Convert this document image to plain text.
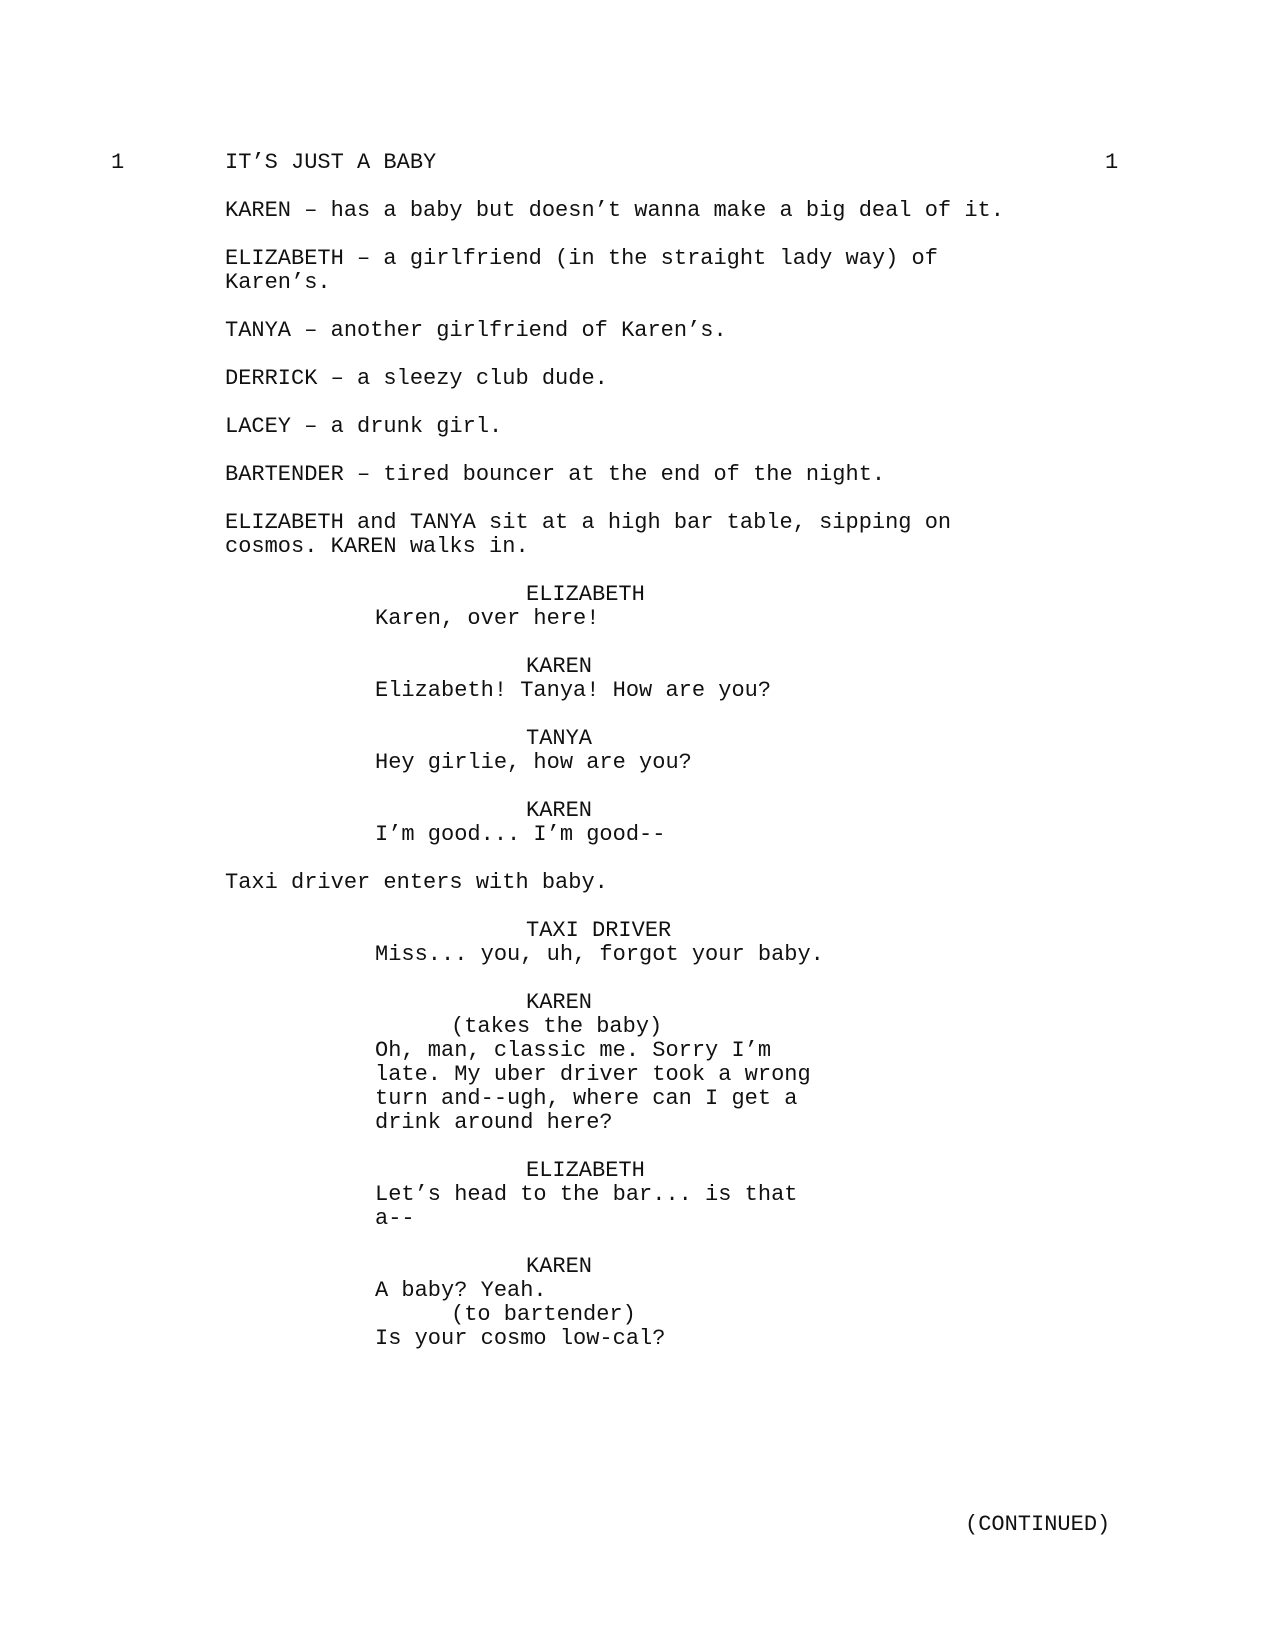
1	IT’S JUST A BABY	1
KAREN – has a baby but doesn’t wanna make a big deal of it.
ELIZABETH – a girlfriend (in the straight lady way) of
Karen’s.
TANYA – another girlfriend of Karen’s.
DERRICK – a sleezy club dude.
LACEY – a drunk girl.
BARTENDER – tired bouncer at the end of the night.
ELIZABETH and TANYA sit at a high bar table, sipping on
cosmos. KAREN walks in.
ELIZABETH
Karen, over here!
KAREN
Elizabeth! Tanya! How are you?
TANYA
Hey girlie, how are you?
KAREN
I’m good... I’m good--
Taxi driver enters with baby.
TAXI DRIVER
Miss... you, uh, forgot your baby.
KAREN
(takes the baby)
Oh, man, classic me. Sorry I’m
late. My uber driver took a wrong
turn and--ugh, where can I get a
drink around here?
ELIZABETH
Let’s head to the bar... is that
a--
KAREN
A baby? Yeah.
(to bartender)
Is your cosmo low-cal?
(CONTINUED)
